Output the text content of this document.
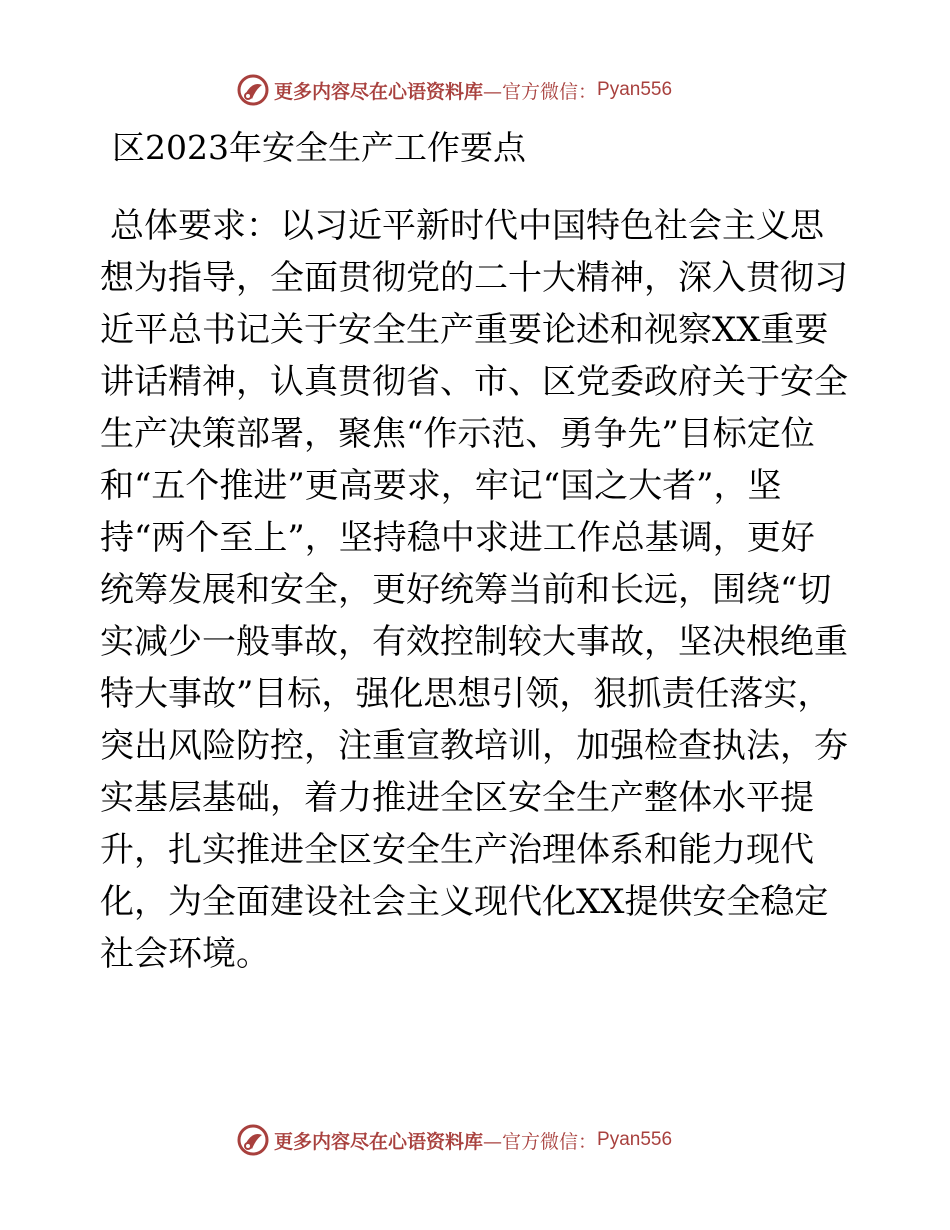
更多内容尽在心语资料库 —官方微信： Pyan556
区2023年安全生产工作要点
总体要求：以习近平新时代中国特色社会主义思
想为指导，全面贯彻党的二十大精神，深入贯彻习
近平总书记关于安全生产重要论述和视察XX重要
讲话精神，认真贯彻省、市、区党委政府关于安全
生产决策部署，聚焦“作示范、勇争先”目标定位
和“五个推进”更高要求，牢记“国之大者”，坚
持“两个至上”，坚持稳中求进工作总基调，更好
统筹发展和安全，更好统筹当前和长远，围绕“切
实减少一般事故，有效控制较大事故，坚决根绝重
特大事故”目标，强化思想引领，狠抓责任落实，
突出风险防控，注重宣教培训，加强检查执法，夯
实基层基础，着力推进全区安全生产整体水平提
升，扎实推进全区安全生产治理体系和能力现代
化，为全面建设社会主义现代化XX提供安全稳定
社会环境。
更多内容尽在心语资料库 —官方微信： Pyan556
